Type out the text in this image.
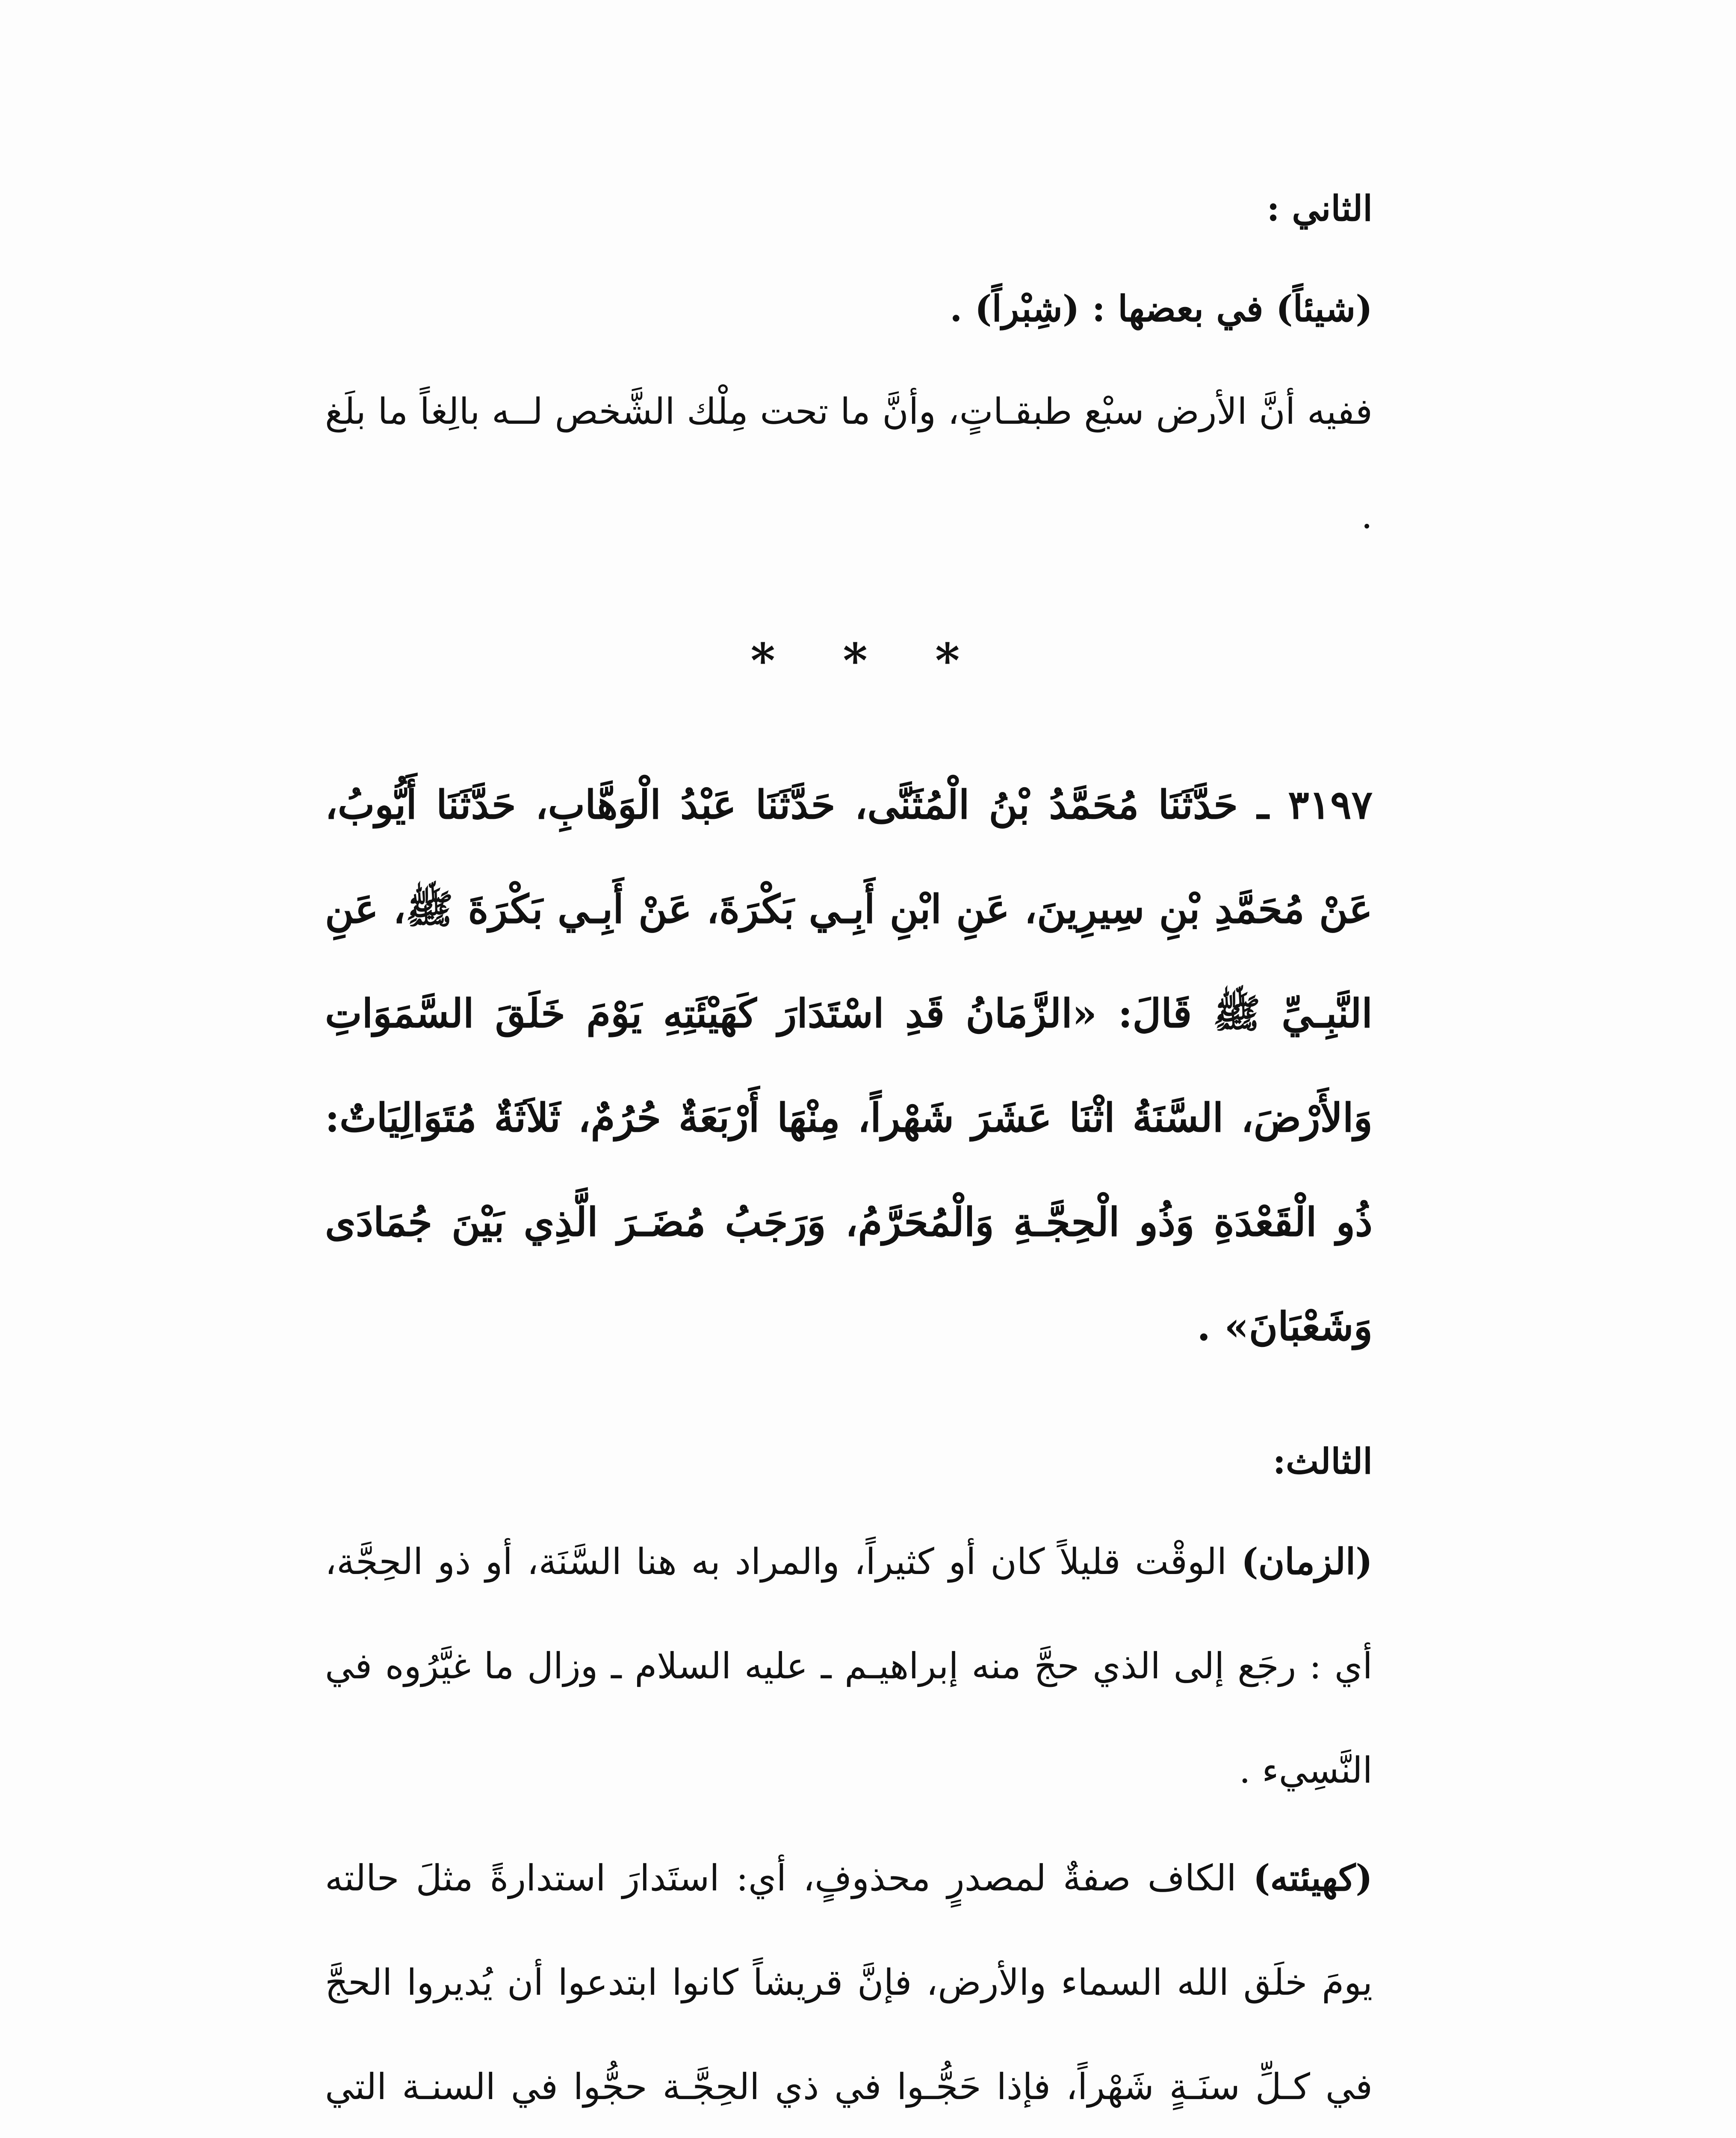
الثاني :

(شيئاً) في بعضها : (شِبْراً) .

ففيه أنَّ الأرض سبْع طبقـاتٍ، وأنَّ ما تحت مِلْك الشَّخص لــه بالِغاً ما بلَغ .

* * *

٣١٩٧ ـ حَدَّثَنَا مُحَمَّدُ بْنُ الْمُثَنَّى، حَدَّثَنَا عَبْدُ الْوَهَّابِ، حَدَّثَنَا أَيُّوبُ، عَنْ مُحَمَّدِ بْنِ سِيرِينَ، عَنِ ابْنِ أَبِـي بَكْرَةَ، عَنْ أَبِـي بَكْرَةَ ﷺ، عَنِ النَّبِـيِّ ﷺ قَالَ: «الزَّمَانُ قَدِ اسْتَدَارَ كَهَيْئَتِهِ يَوْمَ خَلَقَ السَّمَوَاتِ وَالأَرْضَ، السَّنَةُ اثْنَا عَشَرَ شَهْراً، مِنْهَا أَرْبَعَةٌ حُرُمٌ، ثَلاَثَةٌ مُتَوَالِيَاتٌ: ذُو الْقَعْدَةِ وَذُو الْحِجَّـةِ وَالْمُحَرَّمُ، وَرَجَبُ مُضَـرَ الَّذِي بَيْنَ جُمَادَى وَشَعْبَانَ» .

الثالث:

(الزمان) الوقْت قليلاً كان أو كثيراً، والمراد به هنا السَّنَة، أو ذو الحِجَّة، أي : رجَع إلى الذي حجَّ منه إبراهيـم ـ عليه السلام ـ وزال ما غيَّرُوه في النَّسِيء .

(كهيئته) الكاف صفةٌ لمصدرٍ محذوفٍ، أي: استَدارَ استدارةً مثلَ حالته يومَ خلَق الله السماء والأرض، فإنَّ قريشاً كانوا ابتدعوا أن يُديروا الحجَّ في كـلِّ سنَـةٍ شَهْراً، فإذا حَجُّـوا في ذي الحِجَّـة حجُّوا في السنـة التي
